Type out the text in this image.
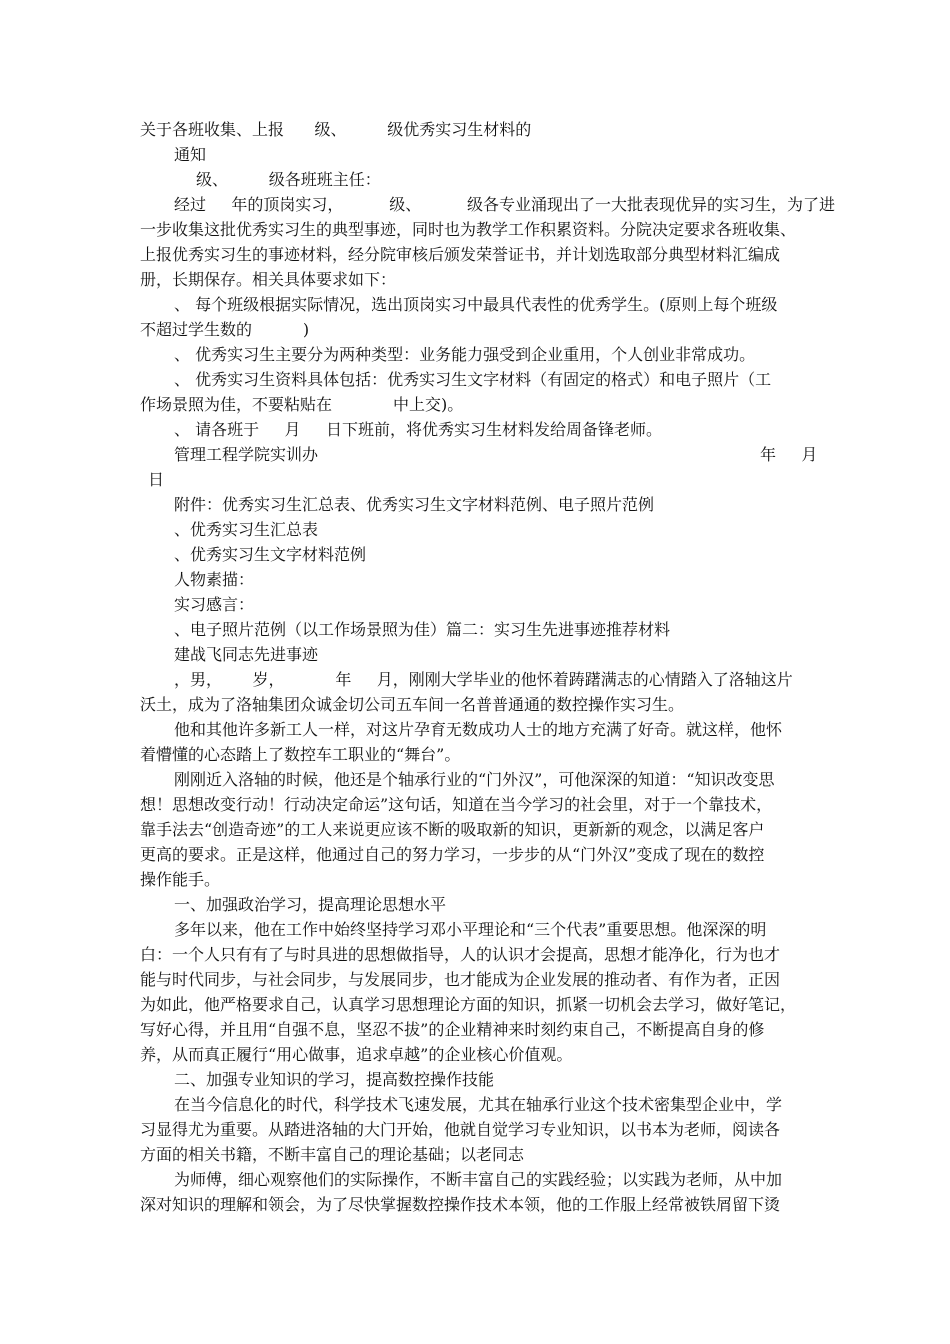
关于各班收集、上报      级、        级优秀实习生材料的
通知
级、        级各班班主任：
经过     年的顶岗实习，         级、         级各专业涌现出了一大批表现优异的实习生，为了进
一步收集这批优秀实习生的典型事迹，同时也为教学工作积累资料。分院决定要求各班收集、
上报优秀实习生的事迹材料，经分院审核后颁发荣誉证书，并计划选取部分典型材料汇编成
册，长期保存。相关具体要求如下：
、 每个班级根据实际情况，选出顶岗实习中最具代表性的优秀学生。(原则上每个班级
不超过学生数的          )
、 优秀实习生主要分为两种类型：业务能力强受到企业重用，个人创业非常成功。
、 优秀实习生资料具体包括：优秀实习生文字材料（有固定的格式）和电子照片（工
作场景照为佳，不要粘贴在            中上交)。
、 请各班于     月     日下班前，将优秀实习生材料发给周备锋老师。
管理工程学院实训办	年     月
日
附件：优秀实习生汇总表、优秀实习生文字材料范例、电子照片范例
、优秀实习生汇总表
、优秀实习生文字材料范例
人物素描：
实习感言：
、电子照片范例（以工作场景照为佳）篇二：实习生先进事迹推荐材料
建战飞同志先进事迹
，男，      岁，          年     月，刚刚大学毕业的他怀着踌躇满志的心情踏入了洛轴这片
沃土，成为了洛轴集团众诚金切公司五车间一名普普通通的数控操作实习生。
他和其他许多新工人一样，对这片孕育无数成功人士的地方充满了好奇。就这样，他怀
着懵懂的心态踏上了数控车工职业的“舞台”。
刚刚近入洛轴的时候，他还是个轴承行业的“门外汉”，可他深深的知道：“知识改变思
想！思想改变行动！行动决定命运”这句话，知道在当今学习的社会里，对于一个靠技术，
靠手法去“创造奇迹”的工人来说更应该不断的吸取新的知识，更新新的观念，以满足客户
更高的要求。正是这样，他通过自己的努力学习，一步步的从“门外汉”变成了现在的数控
操作能手。
一、加强政治学习，提高理论思想水平
多年以来，他在工作中始终坚持学习邓小平理论和“三个代表”重要思想。他深深的明
白：一个人只有有了与时具进的思想做指导，人的认识才会提高，思想才能净化，行为也才
能与时代同步，与社会同步，与发展同步，也才能成为企业发展的推动者、有作为者，正因
为如此，他严格要求自己，认真学习思想理论方面的知识，抓紧一切机会去学习，做好笔记，
写好心得，并且用“自强不息，坚忍不拔”的企业精神来时刻约束自己，不断提高自身的修
养，从而真正履行“用心做事，追求卓越”的企业核心价值观。
二、加强专业知识的学习，提高数控操作技能
在当今信息化的时代，科学技术飞速发展，尤其在轴承行业这个技术密集型企业中，学
习显得尤为重要。从踏进洛轴的大门开始，他就自觉学习专业知识，以书本为老师，阅读各
方面的相关书籍，不断丰富自己的理论基础；以老同志
为师傅，细心观察他们的实际操作，不断丰富自己的实践经验；以实践为老师，从中加
深对知识的理解和领会，为了尽快掌握数控操作技术本领，他的工作服上经常被铁屑留下烫
